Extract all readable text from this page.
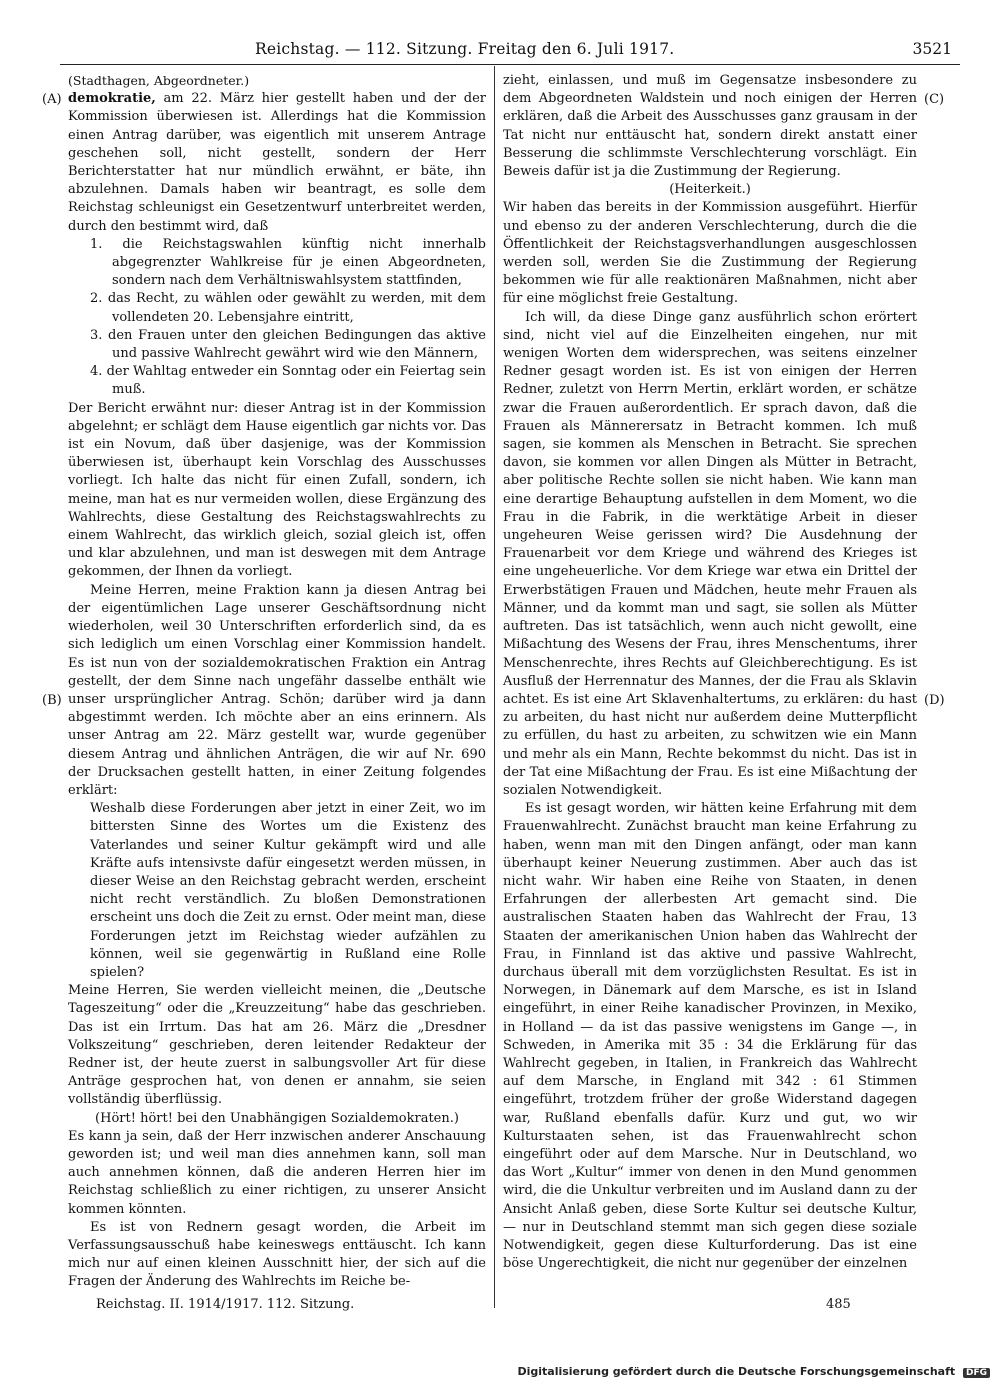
Reichstag. — 112. Sitzung. Freitag den 6. Juli 1917.	3521
(A)
(B)
(C)
(D)

(Stadthagen, Abgeordneter.)

demokratie, am 22. März hier gestellt haben und der der Kommission überwiesen ist. Allerdings hat die Kommission einen Antrag darüber, was eigentlich mit unserem Antrage geschehen soll, nicht gestellt, sondern der Herr Berichterstatter hat nur mündlich erwähnt, er bäte, ihn abzulehnen. Damals haben wir beantragt, es solle dem Reichstag schleunigst ein Gesetzentwurf unterbreitet werden, durch den bestimmt wird, daß

1. die Reichstagswahlen künftig nicht innerhalb abgegrenzter Wahlkreise für je einen Abgeordneten, sondern nach dem Verhältniswahlsystem stattfinden,

2. das Recht, zu wählen oder gewählt zu werden, mit dem vollendeten 20. Lebensjahre eintritt,

3. den Frauen unter den gleichen Bedingungen das aktive und passive Wahlrecht gewährt wird wie den Männern,

4. der Wahltag entweder ein Sonntag oder ein Feiertag sein muß.

Der Bericht erwähnt nur: dieser Antrag ist in der Kommission abgelehnt; er schlägt dem Hause eigentlich gar nichts vor. Das ist ein Novum, daß über dasjenige, was der Kommission überwiesen ist, überhaupt kein Vorschlag des Ausschusses vorliegt. Ich halte das nicht für einen Zufall, sondern, ich meine, man hat es nur vermeiden wollen, diese Ergänzung des Wahlrechts, diese Gestaltung des Reichstagswahlrechts zu einem Wahlrecht, das wirklich gleich, sozial gleich ist, offen und klar abzulehnen, und man ist deswegen mit dem Antrage gekommen, der Ihnen da vorliegt.

Meine Herren, meine Fraktion kann ja diesen Antrag bei der eigentümlichen Lage unserer Geschäftsordnung nicht wiederholen, weil 30 Unterschriften erforderlich sind, da es sich lediglich um einen Vorschlag einer Kommission handelt. Es ist nun von der sozialdemokratischen Fraktion ein Antrag gestellt, der dem Sinne nach ungefähr dasselbe enthält wie unser ursprünglicher Antrag. Schön; darüber wird ja dann abgestimmt werden. Ich möchte aber an eins erinnern. Als unser Antrag am 22. März gestellt war, wurde gegenüber diesem Antrag und ähnlichen Anträgen, die wir auf Nr. 690 der Drucksachen gestellt hatten, in einer Zeitung folgendes erklärt:

Weshalb diese Forderungen aber jetzt in einer Zeit, wo im bittersten Sinne des Wortes um die Existenz des Vaterlandes und seiner Kultur gekämpft wird und alle Kräfte aufs intensivste dafür eingesetzt werden müssen, in dieser Weise an den Reichstag gebracht werden, erscheint nicht recht verständlich. Zu bloßen Demonstrationen erscheint uns doch die Zeit zu ernst. Oder meint man, diese Forderungen jetzt im Reichstag wieder aufzählen zu können, weil sie gegenwärtig in Rußland eine Rolle spielen?

Meine Herren, Sie werden vielleicht meinen, die „Deutsche Tageszeitung“ oder die „Kreuzzeitung“ habe das geschrieben. Das ist ein Irrtum. Das hat am 26. März die „Dresdner Volkszeitung“ geschrieben, deren leitender Redakteur der Redner ist, der heute zuerst in salbungsvoller Art für diese Anträge gesprochen hat, von denen er annahm, sie seien vollständig überflüssig.

(Hört! hört! bei den Unabhängigen Sozialdemokraten.)

Es kann ja sein, daß der Herr inzwischen anderer Anschauung geworden ist; und weil man dies annehmen kann, soll man auch annehmen können, daß die anderen Herren hier im Reichstag schließlich zu einer richtigen, zu unserer Ansicht kommen könnten.

Es ist von Rednern gesagt worden, die Arbeit im Verfassungsausschuß habe keineswegs enttäuscht. Ich kann mich nur auf einen kleinen Ausschnitt hier, der sich auf die Fragen der Änderung des Wahlrechts im Reiche be-

zieht, einlassen, und muß im Gegensatze insbesondere zu dem Abgeordneten Waldstein und noch einigen der Herren erklären, daß die Arbeit des Ausschusses ganz grausam in der Tat nicht nur enttäuscht hat, sondern direkt anstatt einer Besserung die schlimmste Verschlechterung vorschlägt. Ein Beweis dafür ist ja die Zustimmung der Regierung.

(Heiterkeit.)

Wir haben das bereits in der Kommission ausgeführt. Hierfür und ebenso zu der anderen Verschlechterung, durch die die Öffentlichkeit der Reichstagsverhandlungen ausgeschlossen werden soll, werden Sie die Zustimmung der Regierung bekommen wie für alle reaktionären Maßnahmen, nicht aber für eine möglichst freie Gestaltung.

Ich will, da diese Dinge ganz ausführlich schon erörtert sind, nicht viel auf die Einzelheiten eingehen, nur mit wenigen Worten dem widersprechen, was seitens einzelner Redner gesagt worden ist. Es ist von einigen der Herren Redner, zuletzt von Herrn Mertin, erklärt worden, er schätze zwar die Frauen außerordentlich. Er sprach davon, daß die Frauen als Männerersatz in Betracht kommen. Ich muß sagen, sie kommen als Menschen in Betracht. Sie sprechen davon, sie kommen vor allen Dingen als Mütter in Betracht, aber politische Rechte sollen sie nicht haben. Wie kann man eine derartige Behauptung aufstellen in dem Moment, wo die Frau in die Fabrik, in die werktätige Arbeit in dieser ungeheuren Weise gerissen wird? Die Ausdehnung der Frauenarbeit vor dem Kriege und während des Krieges ist eine ungeheuerliche. Vor dem Kriege war etwa ein Drittel der Erwerbstätigen Frauen und Mädchen, heute mehr Frauen als Männer, und da kommt man und sagt, sie sollen als Mütter auftreten. Das ist tatsächlich, wenn auch nicht gewollt, eine Mißachtung des Wesens der Frau, ihres Menschentums, ihrer Menschenrechte, ihres Rechts auf Gleichberechtigung. Es ist Ausfluß der Herrennatur des Mannes, der die Frau als Sklavin achtet. Es ist eine Art Sklavenhaltertums, zu erklären: du hast zu arbeiten, du hast nicht nur außerdem deine Mutterpflicht zu erfüllen, du hast zu arbeiten, zu schwitzen wie ein Mann und mehr als ein Mann, Rechte bekommst du nicht. Das ist in der Tat eine Mißachtung der Frau. Es ist eine Mißachtung der sozialen Notwendigkeit.

Es ist gesagt worden, wir hätten keine Erfahrung mit dem Frauenwahlrecht. Zunächst braucht man keine Erfahrung zu haben, wenn man mit den Dingen anfängt, oder man kann überhaupt keiner Neuerung zustimmen. Aber auch das ist nicht wahr. Wir haben eine Reihe von Staaten, in denen Erfahrungen der allerbesten Art gemacht sind. Die australischen Staaten haben das Wahlrecht der Frau, 13 Staaten der amerikanischen Union haben das Wahlrecht der Frau, in Finnland ist das aktive und passive Wahlrecht, durchaus überall mit dem vorzüglichsten Resultat. Es ist in Norwegen, in Dänemark auf dem Marsche, es ist in Island eingeführt, in einer Reihe kanadischer Provinzen, in Mexiko, in Holland — da ist das passive wenigstens im Gange —, in Schweden, in Amerika mit 35 : 34 die Erklärung für das Wahlrecht gegeben, in Italien, in Frankreich das Wahlrecht auf dem Marsche, in England mit 342 : 61 Stimmen eingeführt, trotzdem früher der große Widerstand dagegen war, Rußland ebenfalls dafür. Kurz und gut, wo wir Kulturstaaten sehen, ist das Frauenwahlrecht schon eingeführt oder auf dem Marsche. Nur in Deutschland, wo das Wort „Kultur“ immer von denen in den Mund genommen wird, die die Unkultur verbreiten und im Ausland dann zu der Ansicht Anlaß geben, diese Sorte Kultur sei deutsche Kultur, — nur in Deutschland stemmt man sich gegen diese soziale Notwendigkeit, gegen diese Kulturforderung. Das ist eine böse Ungerechtigkeit, die nicht nur gegenüber der einzelnen

Reichstag. II. 1914/1917. 112. Sitzung.	485
Digitalisierung gefördert durch die Deutsche Forschungsgemeinschaft DFG
